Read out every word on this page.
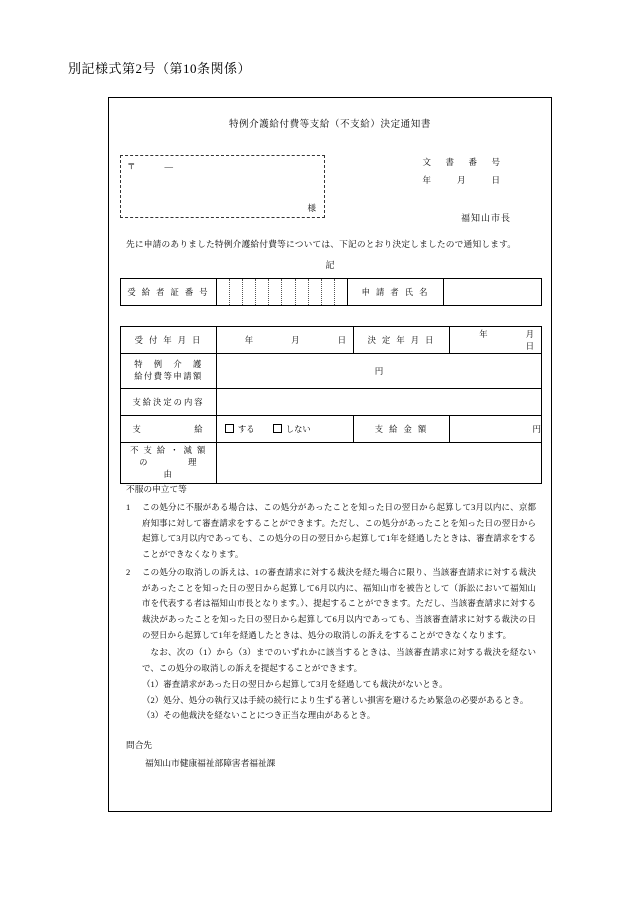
別記様式第2号（第10条関係）
特例介護給付費等支給（不支給）決定通知書
〒　　―
様
文　書　番　号
年　　月　　日
福知山市長
先に申請のありました特例介護給付費等については、下記のとおり決定しましたので通知します。
記
受 給 者 証 番 号		申 請 者 氏 名	
受 付 年 月 日	年　　　　月　　　　日	決 定 年 月 日	年　　　　月　　　　日

特　例　介　護
給付費等申請額	円		
支給決定の内容			
支　　　　　給	する しない	支 給 金 額	円

不 支 給 ・ 減 額
の　　　　理　　　　由			

不服の申立て等
1	この処分に不服がある場合は、この処分があったことを知った日の翌日から起算して3月以内に、京都府知事に対して審査請求をすることができます。ただし、この処分があったことを知った日の翌日から起算して3月以内であっても、この処分の日の翌日から起算して1年を経過したときは、審査請求をすることができなくなります。
2	この処分の取消しの訴えは、1の審査請求に対する裁決を経た場合に限り、当該審査請求に対する裁決があったことを知った日の翌日から起算して6月以内に、福知山市を被告として（訴訟において福知山市を代表する者は福知山市長となります。）、提起することができます。ただし、当該審査請求に対する裁決があったことを知った日の翌日から起算して6月以内であっても、当該審査請求に対する裁決の日の翌日から起算して1年を経過したときは、処分の取消しの訴えをすることができなくなります。
なお、次の（1）から（3）までのいずれかに該当するときは、当該審査請求に対する裁決を経ないで、この処分の取消しの訴えを提起することができます。
（1）審査請求があった日の翌日から起算して3月を経過しても裁決がないとき。
（2）処分、処分の執行又は手続の続行により生ずる著しい損害を避けるため緊急の必要があるとき。
（3）その他裁決を経ないことにつき正当な理由があるとき。
問合先
福知山市健康福祉部障害者福祉課
